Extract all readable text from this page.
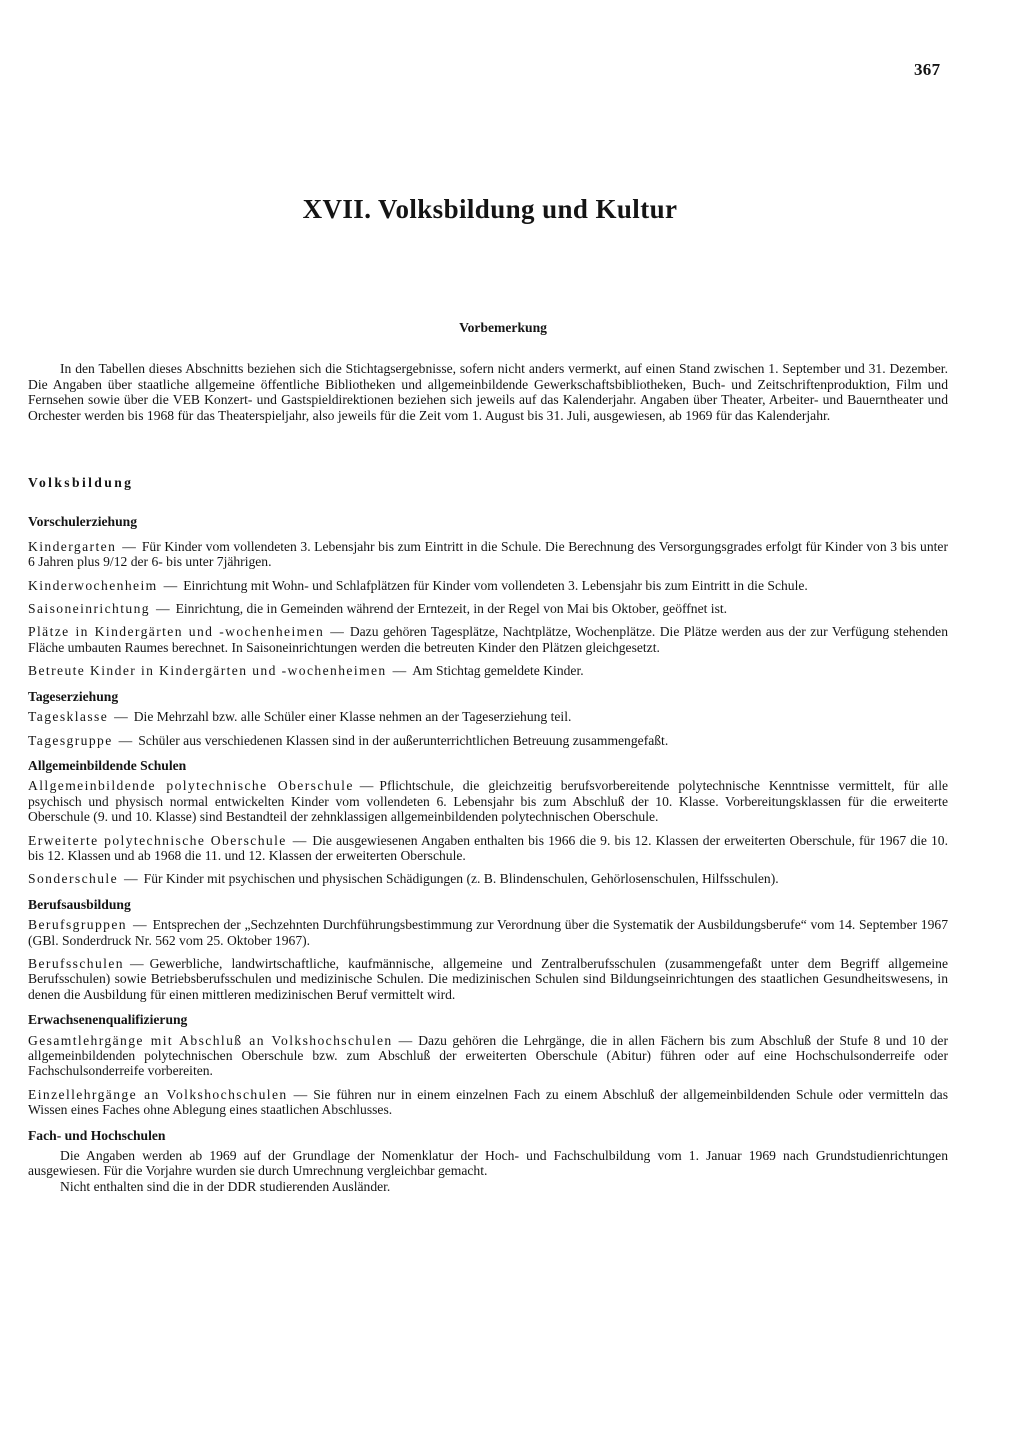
367
XVII. Volksbildung und Kultur
Vorbemerkung

In den Tabellen dieses Abschnitts beziehen sich die Stichtagsergebnisse, sofern nicht anders vermerkt, auf einen Stand zwischen 1. September und 31. Dezember. Die Angaben über staatliche allgemeine öffentliche Bibliotheken und allgemeinbildende Gewerkschaftsbibliotheken, Buch- und Zeitschriftenproduktion, Film und Fernsehen sowie über die VEB Konzert- und Gastspieldirektionen beziehen sich jeweils auf das Kalenderjahr. Angaben über Theater, Arbeiter- und Bauerntheater und Orchester werden bis 1968 für das Theaterspieljahr, also jeweils für die Zeit vom 1. August bis 31. Juli, ausgewiesen, ab 1969 für das Kalenderjahr.

Volksbildung
Vorschulerziehung

Kindergarten — Für Kinder vom vollendeten 3. Lebensjahr bis zum Eintritt in die Schule. Die Berechnung des Versorgungsgrades erfolgt für Kinder von 3 bis unter 6 Jahren plus 9/12 der 6- bis unter 7jährigen.

Kinderwochenheim — Einrichtung mit Wohn- und Schlafplätzen für Kinder vom vollendeten 3. Lebensjahr bis zum Eintritt in die Schule.

Saisoneinrichtung — Einrichtung, die in Gemeinden während der Erntezeit, in der Regel von Mai bis Oktober, geöffnet ist.

Plätze in Kindergärten und -wochenheimen — Dazu gehören Tagesplätze, Nachtplätze, Wochenplätze. Die Plätze werden aus der zur Verfügung stehenden Fläche umbauten Raumes berechnet. In Saisoneinrichtungen werden die betreuten Kinder den Plätzen gleichgesetzt.

Betreute Kinder in Kindergärten und -wochenheimen — Am Stichtag gemeldete Kinder.

Tageserziehung

Tagesklasse — Die Mehrzahl bzw. alle Schüler einer Klasse nehmen an der Tageserziehung teil.

Tagesgruppe — Schüler aus verschiedenen Klassen sind in der außerunterrichtlichen Betreuung zusammengefaßt.

Allgemeinbildende Schulen

Allgemeinbildende polytechnische Oberschule — Pflichtschule, die gleichzeitig berufsvorbereitende polytechnische Kenntnisse vermittelt, für alle psychisch und physisch normal entwickelten Kinder vom vollendeten 6. Lebensjahr bis zum Abschluß der 10. Klasse. Vorbereitungsklassen für die erweiterte Oberschule (9. und 10. Klasse) sind Bestandteil der zehnklassigen allgemeinbildenden polytechnischen Oberschule.

Erweiterte polytechnische Oberschule — Die ausgewiesenen Angaben enthalten bis 1966 die 9. bis 12. Klassen der erweiterten Oberschule, für 1967 die 10. bis 12. Klassen und ab 1968 die 11. und 12. Klassen der erweiterten Oberschule.

Sonderschule — Für Kinder mit psychischen und physischen Schädigungen (z. B. Blindenschulen, Gehörlosenschulen, Hilfsschulen).

Berufsausbildung

Berufsgruppen — Entsprechen der „Sechzehnten Durchführungsbestimmung zur Verordnung über die Systematik der Ausbildungsberufe“ vom 14. September 1967 (GBl. Sonderdruck Nr. 562 vom 25. Oktober 1967).

Berufsschulen — Gewerbliche, landwirtschaftliche, kaufmännische, allgemeine und Zentralberufsschulen (zusammengefaßt unter dem Begriff allgemeine Berufsschulen) sowie Betriebsberufsschulen und medizinische Schulen. Die medizinischen Schulen sind Bildungseinrichtungen des staatlichen Gesundheitswesens, in denen die Ausbildung für einen mittleren medizinischen Beruf vermittelt wird.

Erwachsenenqualifizierung

Gesamtlehrgänge mit Abschluß an Volkshochschulen — Dazu gehören die Lehrgänge, die in allen Fächern bis zum Abschluß der Stufe 8 und 10 der allgemeinbildenden polytechnischen Oberschule bzw. zum Abschluß der erweiterten Oberschule (Abitur) führen oder auf eine Hochschulsonderreife oder Fachschulsonderreife vorbereiten.

Einzellehrgänge an Volkshochschulen — Sie führen nur in einem einzelnen Fach zu einem Abschluß der allgemeinbildenden Schule oder vermitteln das Wissen eines Faches ohne Ablegung eines staatlichen Abschlusses.

Fach- und Hochschulen

Die Angaben werden ab 1969 auf der Grundlage der Nomenklatur der Hoch- und Fachschulbildung vom 1. Januar 1969 nach Grundstudienrichtungen ausgewiesen. Für die Vorjahre wurden sie durch Umrechnung vergleichbar gemacht.

Nicht enthalten sind die in der DDR studierenden Ausländer.
